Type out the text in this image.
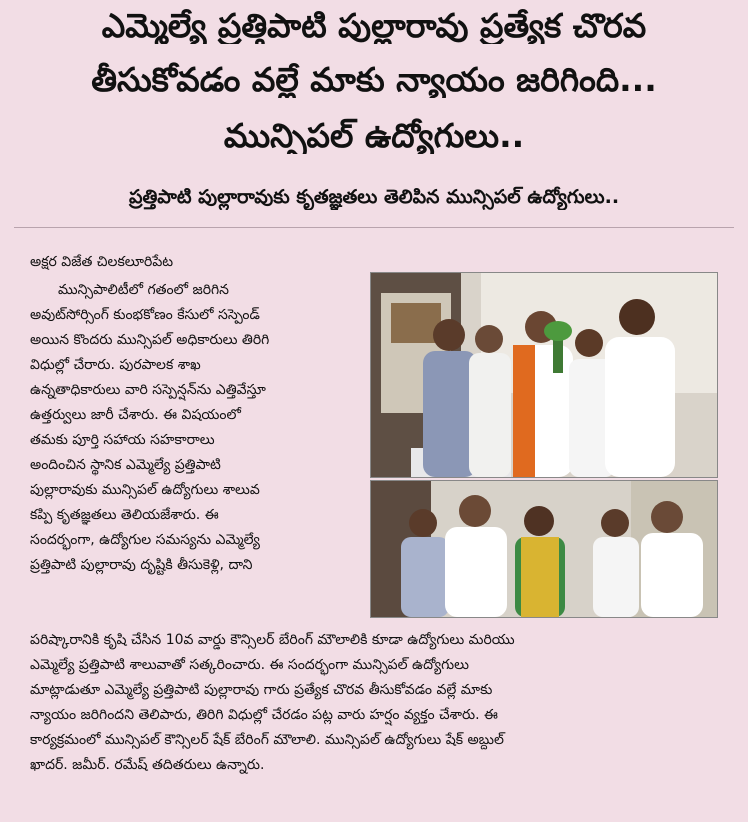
ఎమ్మెల్యే ప్రత్తిపాటి పుల్లారావు ప్రత్యేక చొరవ
తీసుకోవడం వల్లే మాకు న్యాయం జరిగింది...
మున్సిపల్ ఉద్యోగులు..
ప్రత్తిపాటి పుల్లారావుకు కృతజ్ఞతలు తెలిపిన మున్సిపల్ ఉద్యోగులు..
అక్షర విజేత చిలకలూరిపేట
మున్సిపాలిటీలో గతంలో జరిగిన
అవుట్‌సోర్సింగ్ కుంభకోణం కేసులో సస్పెండ్
అయిన కొందరు మున్సిపల్ అధికారులు తిరిగి
విధుల్లో చేరారు. పురపాలక శాఖ
ఉన్నతాధికారులు వారి సస్పెన్షన్‌ను ఎత్తివేస్తూ
ఉత్తర్వులు జారీ చేశారు. ఈ విషయంలో
తమకు పూర్తి సహాయ సహకారాలు
అందించిన స్థానిక ఎమ్మెల్యే ప్రత్తిపాటి
పుల్లారావుకు మున్సిపల్ ఉద్యోగులు శాలువ
కప్పి కృతజ్ఞతలు తెలియజేశారు. ఈ
సందర్భంగా, ఉద్యోగుల సమస్యను ఎమ్మెల్యే
ప్రత్తిపాటి పుల్లారావు దృష్టికి తీసుకెళ్లి, దాని
పరిష్కారానికి కృషి చేసిన 10వ వార్డు కౌన్సిలర్ బేరింగ్ మౌలాలికి కూడా ఉద్యోగులు మరియు
ఎమ్మెల్యే ప్రత్తిపాటి శాలువాతో సత్కరించారు. ఈ సందర్భంగా మున్సిపల్ ఉద్యోగులు
మాట్లాడుతూ ఎమ్మెల్యే ప్రత్తిపాటి పుల్లారావు గారు ప్రత్యేక చొరవ తీసుకోవడం వల్లే మాకు
న్యాయం జరిగిందని తెలిపారు, తిరిగి విధుల్లో చేరడం పట్ల వారు హర్షం వ్యక్తం చేశారు. ఈ
కార్యక్రమంలో మున్సిపల్ కౌన్సిలర్ షేక్ బేరింగ్ మౌలాలి. మున్సిపల్ ఉద్యోగులు షేక్ అబ్దుల్
ఖాదర్. జమీర్. రమేష్ తదితరులు ఉన్నారు.
